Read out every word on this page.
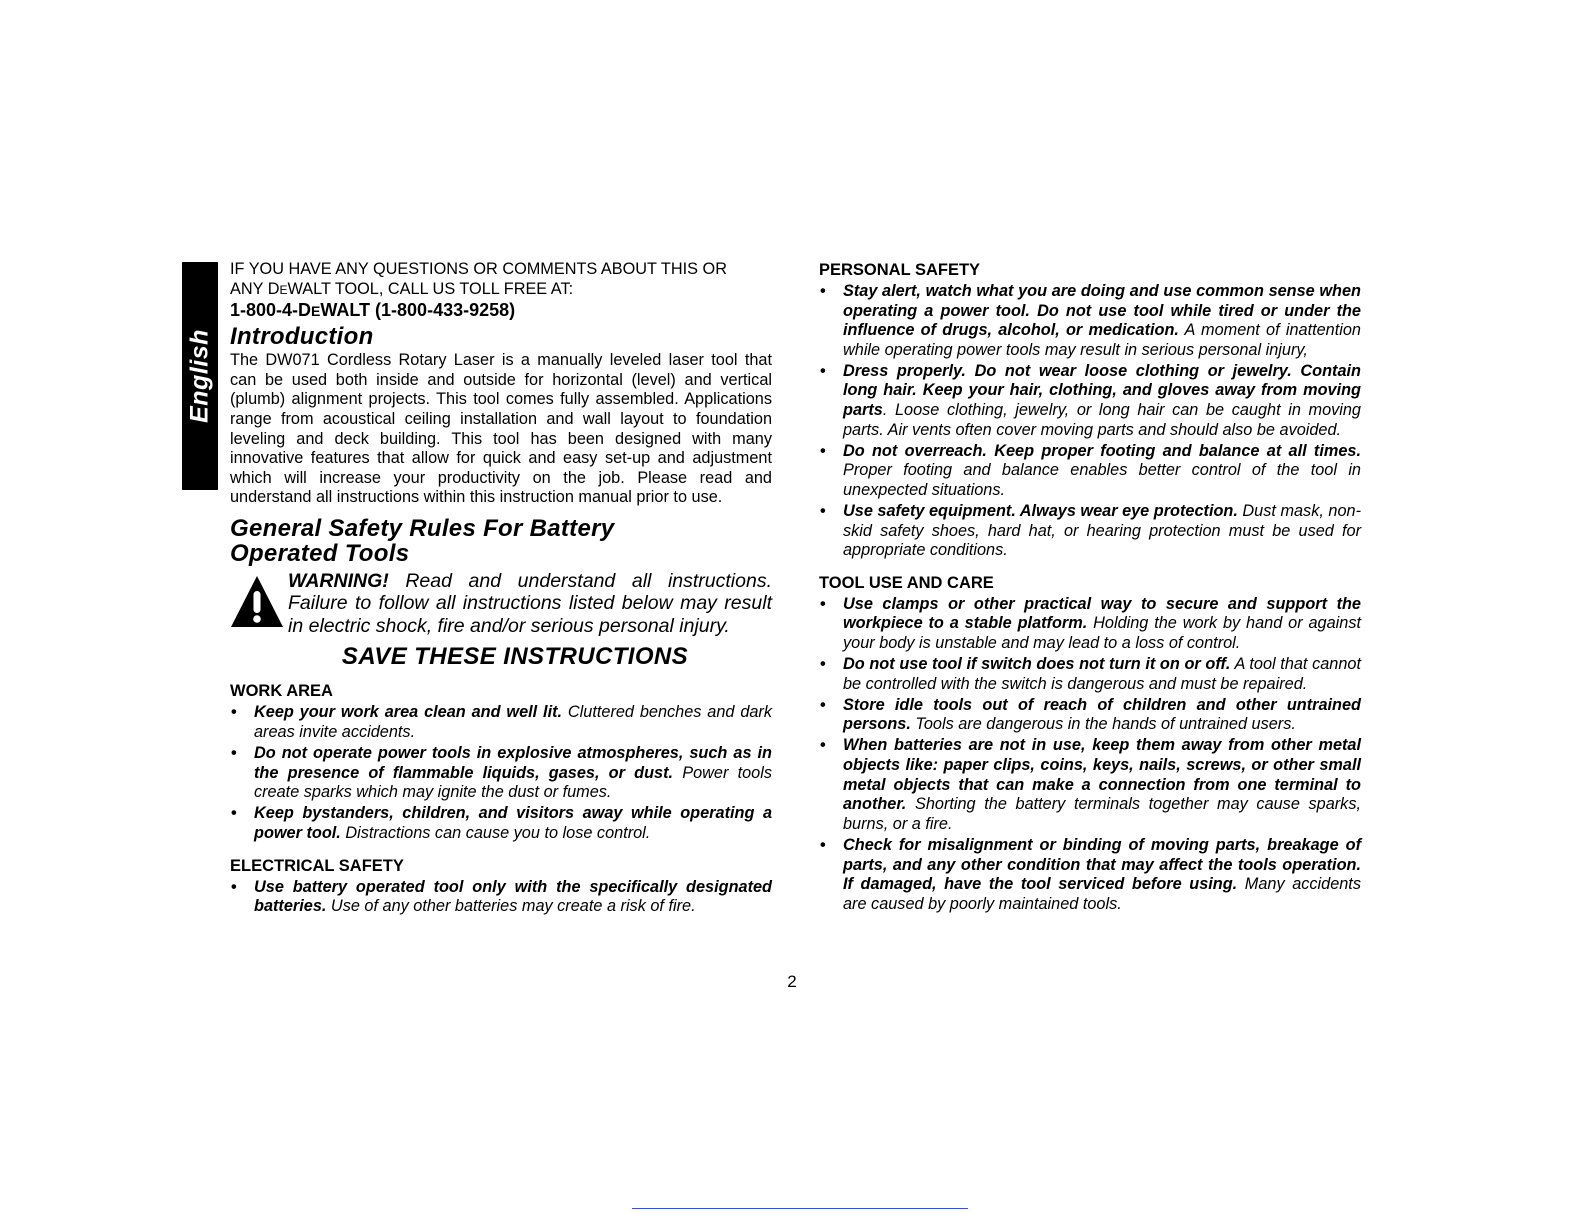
English

IF YOU HAVE ANY QUESTIONS OR COMMENTS ABOUT THIS OR

ANY DEWALT TOOL, CALL US TOLL FREE AT:

1-800-4-DEWALT (1-800-433-9258)

Introduction

The DW071 Cordless Rotary Laser is a manually leveled laser tool that can be used both inside and outside for horizontal (level) and vertical (plumb) alignment projects. This tool comes fully assembled. Applications range from acoustical ceiling installation and wall layout to foundation leveling and deck building. This tool has been designed with many innovative features that allow for quick and easy set-up and adjustment which will increase your productivity on the job. Please read and understand all instructions within this instruction manual prior to use.

General Safety Rules For Battery
Operated Tools
WARNING! Read and understand all instructions. Failure to follow all instructions listed below may result in electric shock, fire and/or serious personal injury.
SAVE THESE INSTRUCTIONS
WORK AREA
• Keep your work area clean and well lit. Cluttered benches and dark areas invite accidents.
• Do not operate power tools in explosive atmospheres, such as in the presence of flammable liquids, gases, or dust. Power tools create sparks which may ignite the dust or fumes.
• Keep bystanders, children, and visitors away while operating a power tool. Distractions can cause you to lose control.
ELECTRICAL SAFETY
• Use battery operated tool only with the specifically designated batteries. Use of any other batteries may create a risk of fire.
PERSONAL SAFETY
• Stay alert, watch what you are doing and use common sense when operating a power tool. Do not use tool while tired or under the influence of drugs, alcohol, or medication. A moment of inattention while operating power tools may result in serious personal injury,
• Dress properly. Do not wear loose clothing or jewelry. Contain long hair. Keep your hair, clothing, and gloves away from moving parts. Loose clothing, jewelry, or long hair can be caught in moving parts. Air vents often cover moving parts and should also be avoided.
• Do not overreach. Keep proper footing and balance at all times. Proper footing and balance enables better control of the tool in unexpected situations.
• Use safety equipment. Always wear eye protection. Dust mask, non-skid safety shoes, hard hat, or hearing protection must be used for appropriate conditions.
TOOL USE AND CARE
• Use clamps or other practical way to secure and support the workpiece to a stable platform. Holding the work by hand or against your body is unstable and may lead to a loss of control.
• Do not use tool if switch does not turn it on or off. A tool that cannot be controlled with the switch is dangerous and must be repaired.
• Store idle tools out of reach of children and other untrained persons. Tools are dangerous in the hands of untrained users.
• When batteries are not in use, keep them away from other metal objects like: paper clips, coins, keys, nails, screws, or other small metal objects that can make a connection from one terminal to another. Shorting the battery terminals together may cause sparks, burns, or a fire.
• Check for misalignment or binding of moving parts, breakage of parts, and any other condition that may affect the tools operation. If damaged, have the tool serviced before using. Many accidents are caused by poorly maintained tools.
2
